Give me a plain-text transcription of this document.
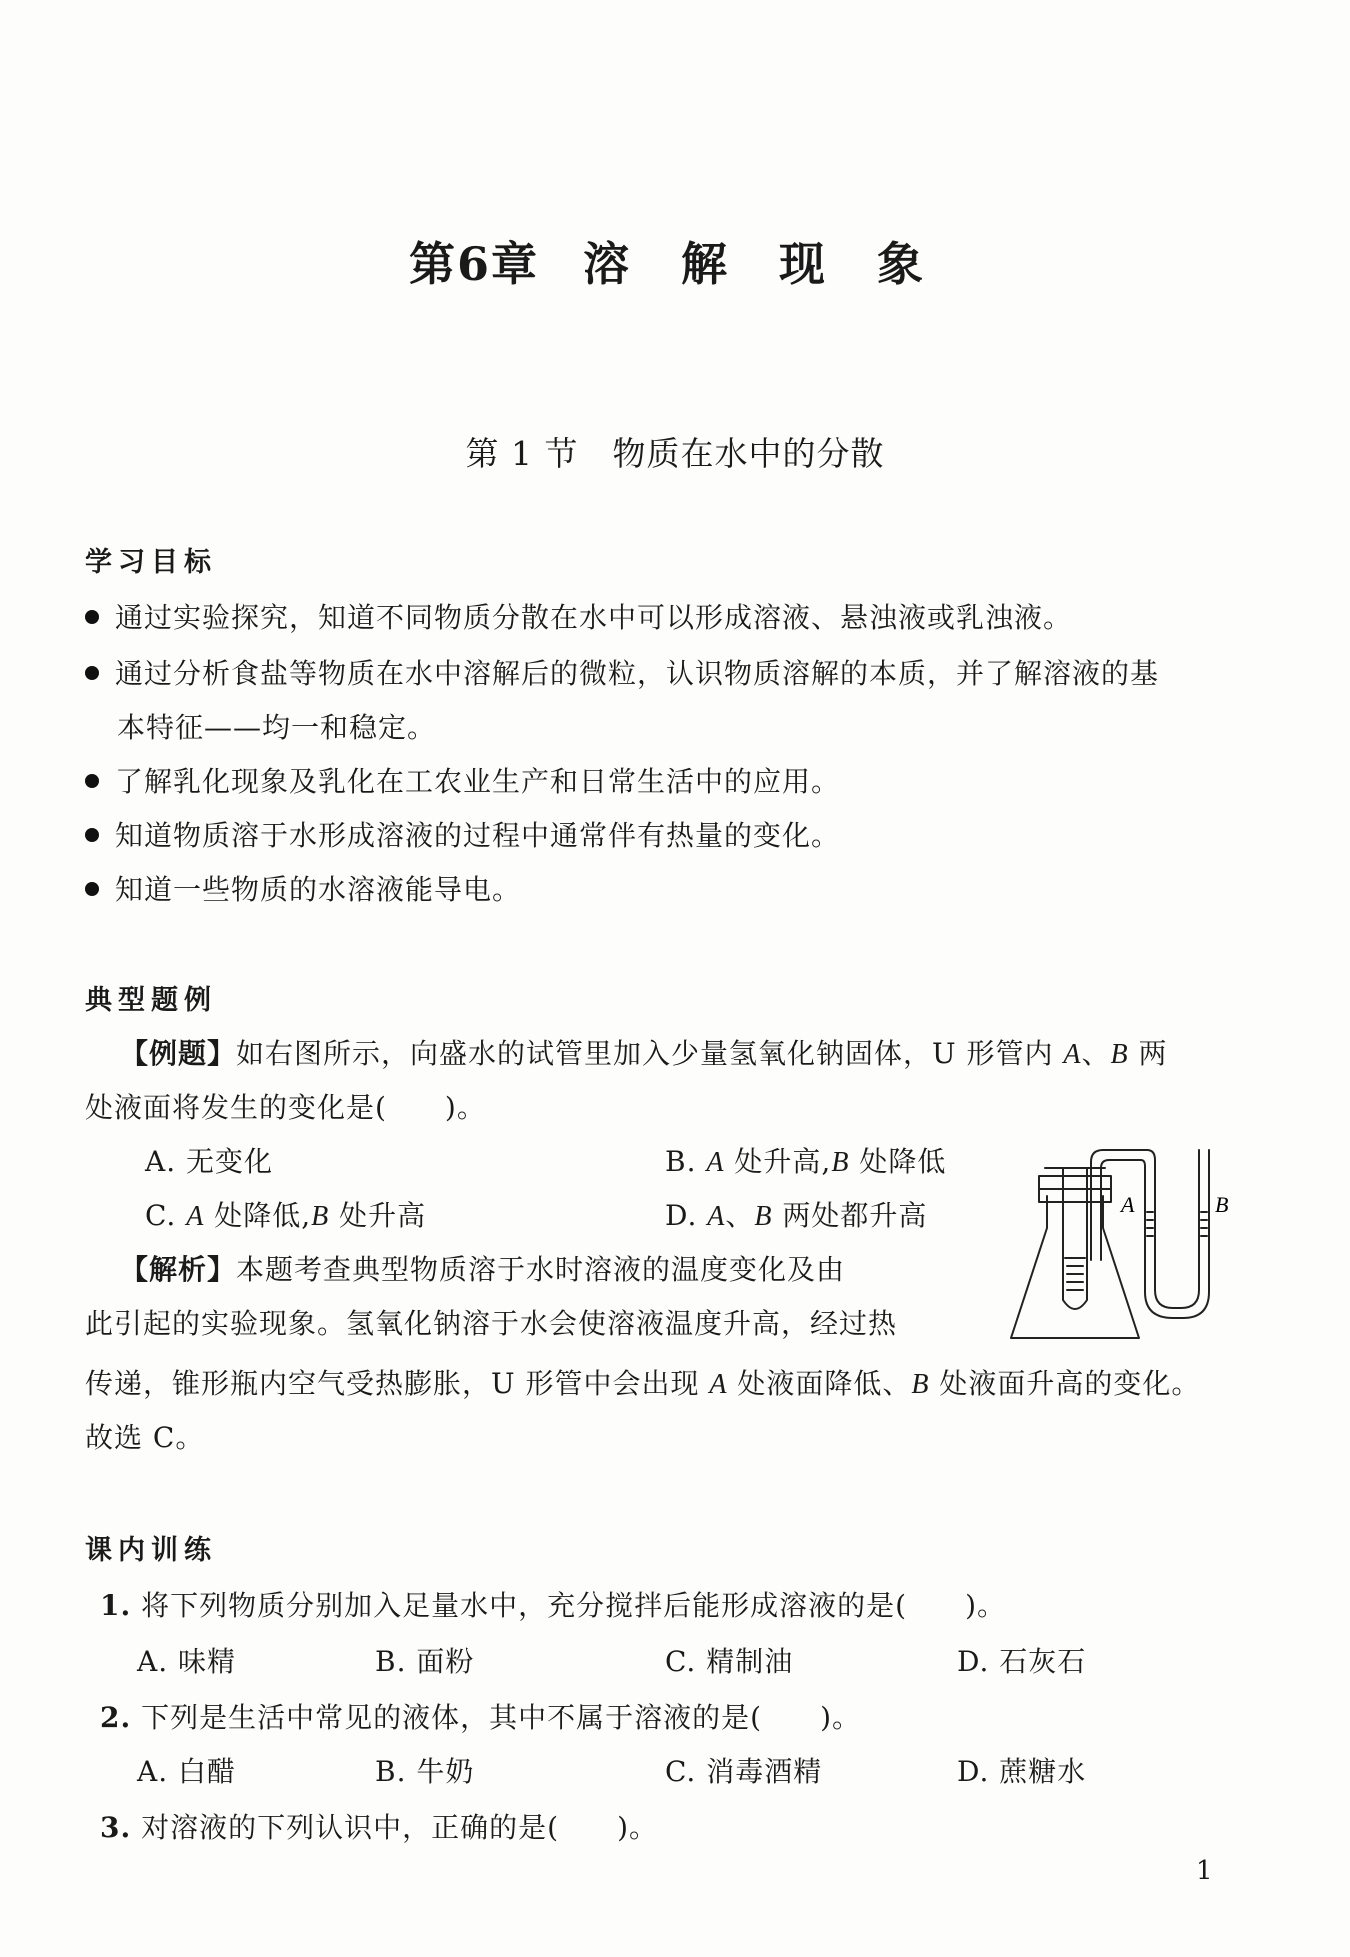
第6章 溶 解 现 象
第 1 节 物质在水中的分散
学习目标
通过实验探究，知道不同物质分散在水中可以形成溶液、悬浊液或乳浊液。
通过分析食盐等物质在水中溶解后的微粒，认识物质溶解的本质，并了解溶液的基
本特征——均一和稳定。
了解乳化现象及乳化在工农业生产和日常生活中的应用。
知道物质溶于水形成溶液的过程中通常伴有热量的变化。
知道一些物质的水溶液能导电。
典型题例
【例题】如右图所示，向盛水的试管里加入少量氢氧化钠固体，U 形管内 A、B 两
处液面将发生的变化是(　　)。
A. 无变化	B. A 处升高,B 处降低
C. A 处降低,B 处升高	D. A、B 两处都升高
【解析】本题考查典型物质溶于水时溶液的温度变化及由
此引起的实验现象。氢氧化钠溶于水会使溶液温度升高，经过热
传递，锥形瓶内空气受热膨胀，U 形管中会出现 A 处液面降低、B 处液面升高的变化。
故选 C。
A	B
课内训练
1. 将下列物质分别加入足量水中，充分搅拌后能形成溶液的是(　　)。
A. 味精	B. 面粉	C. 精制油	D. 石灰石
2. 下列是生活中常见的液体，其中不属于溶液的是(　　)。
A. 白醋	B. 牛奶	C. 消毒酒精	D. 蔗糖水
3. 对溶液的下列认识中，正确的是(　　)。
1
